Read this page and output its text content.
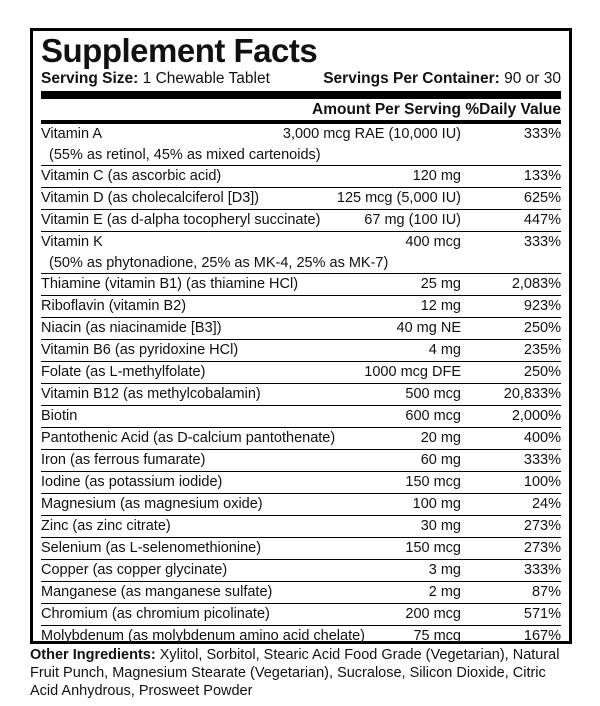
Supplement Facts
Serving Size: 1 Chewable Tablet	Servings Per Container: 90 or 30
Amount Per Serving %Daily Value
Vitamin A	3,000 mcg RAE (10,000 IU)	333%
(55% as retinol, 45% as mixed cartenoids)
Vitamin C (as ascorbic acid)	120 mg	133%
Vitamin D (as cholecalciferol [D3])	125 mcg (5,000 IU)	625%
Vitamin E (as d-alpha tocopheryl succinate)	67 mg (100 IU)	447%
Vitamin K	400 mcg	333%
(50% as phytonadione, 25% as MK-4, 25% as MK-7)
Thiamine (vitamin B1) (as thiamine HCl)	25 mg	2,083%
Riboflavin (vitamin B2)	12 mg	923%
Niacin (as niacinamide [B3])	40 mg NE	250%
Vitamin B6 (as pyridoxine HCl)	4 mg	235%
Folate (as L-methylfolate)	1000 mcg DFE	250%
Vitamin B12 (as methylcobalamin)	500 mcg	20,833%
Biotin	600 mcg	2,000%
Pantothenic Acid (as D-calcium pantothenate)	20 mg	400%
Iron (as ferrous fumarate)	60 mg	333%
Iodine (as potassium iodide)	150 mcg	100%
Magnesium (as magnesium oxide)	100 mg	24%
Zinc (as zinc citrate)	30 mg	273%
Selenium (as L-selenomethionine)	150 mcg	273%
Copper (as copper glycinate)	3 mg	333%
Manganese (as manganese sulfate)	2 mg	87%
Chromium (as chromium picolinate)	200 mcg	571%
Molybdenum (as molybdenum amino acid chelate)	75 mcg	167%
Other Ingredients: Xylitol, Sorbitol, Stearic Acid Food Grade (Vegetarian), Natural Fruit Punch, Magnesium Stearate (Vegetarian), Sucralose, Silicon Dioxide, Citric Acid Anhydrous, Prosweet Powder
